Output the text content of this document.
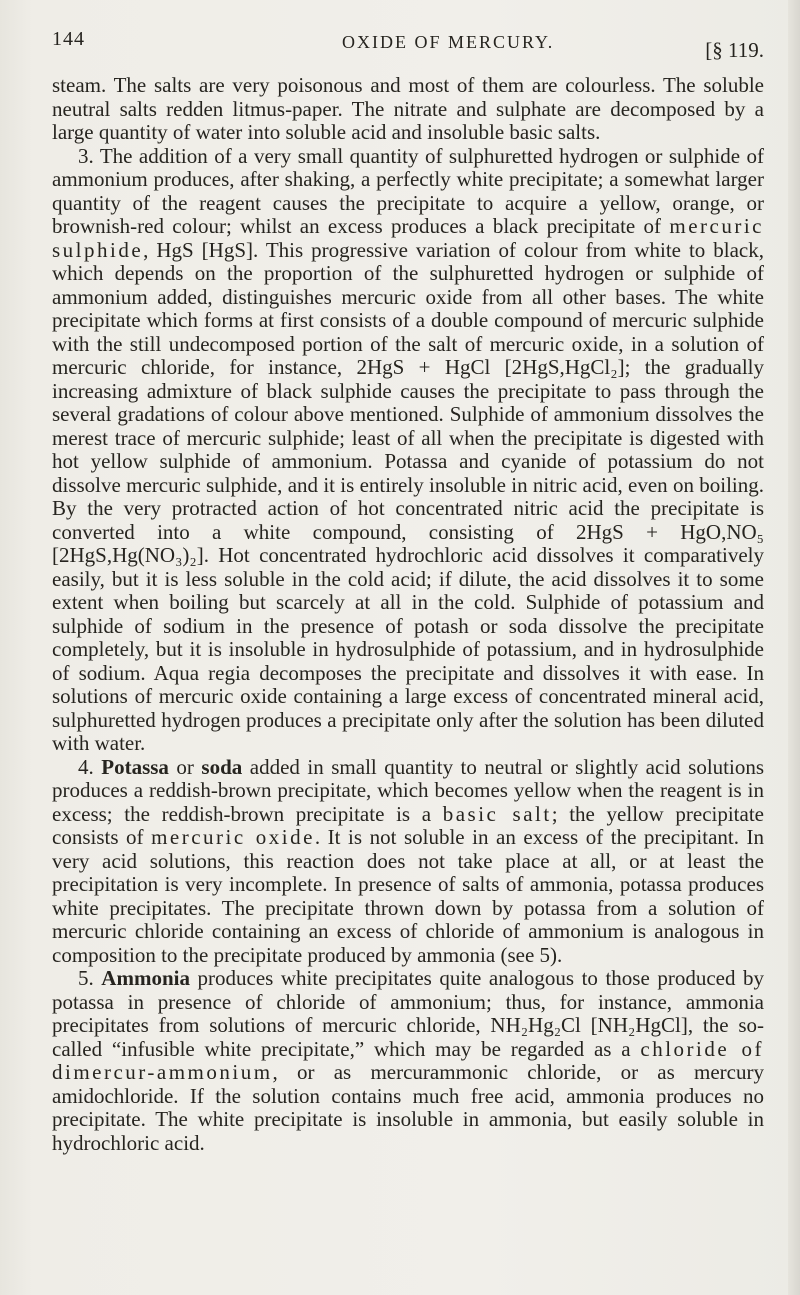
144	OXIDE OF MERCURY.	[§ 119.

steam. The salts are very poisonous and most of them are colourless. The soluble neutral salts redden litmus-paper. The nitrate and sulphate are decomposed by a large quantity of water into soluble acid and insoluble basic salts.

3. The addition of a very small quantity of sulphuretted hydrogen or sulphide of ammonium produces, after shaking, a perfectly white precipitate; a somewhat larger quantity of the reagent causes the precipitate to acquire a yellow, orange, or brownish-red colour; whilst an excess produces a black precipitate of mercuric sulphide, HgS [HgS]. This progressive variation of colour from white to black, which depends on the proportion of the sulphuretted hydrogen or sulphide of ammonium added, distinguishes mercuric oxide from all other bases. The white precipitate which forms at first consists of a double compound of mercuric sulphide with the still undecomposed portion of the salt of mercuric oxide, in a solution of mercuric chloride, for instance, 2HgS + HgCl [2HgS,HgCl₂]; the gradually increasing admixture of black sulphide causes the precipitate to pass through the several gradations of colour above mentioned. Sulphide of ammonium dissolves the merest trace of mercuric sulphide; least of all when the precipitate is digested with hot yellow sulphide of ammonium. Potassa and cyanide of potassium do not dissolve mercuric sulphide, and it is entirely insoluble in nitric acid, even on boiling. By the very protracted action of hot concentrated nitric acid the precipitate is converted into a white compound, consisting of 2HgS + HgO,NO₅ [2HgS,Hg(NO₃)₂]. Hot concentrated hydrochloric acid dissolves it comparatively easily, but it is less soluble in the cold acid; if dilute, the acid dissolves it to some extent when boiling but scarcely at all in the cold. Sulphide of potassium and sulphide of sodium in the presence of potash or soda dissolve the precipitate completely, but it is insoluble in hydrosulphide of potassium, and in hydrosulphide of sodium. Aqua regia decomposes the precipitate and dissolves it with ease. In solutions of mercuric oxide containing a large excess of concentrated mineral acid, sulphuretted hydrogen produces a precipitate only after the solution has been diluted with water.

4. Potassa or soda added in small quantity to neutral or slightly acid solutions produces a reddish-brown precipitate, which becomes yellow when the reagent is in excess; the reddish-brown precipitate is a basic salt; the yellow precipitate consists of mercuric oxide. It is not soluble in an excess of the precipitant. In very acid solutions, this reaction does not take place at all, or at least the precipitation is very incomplete. In presence of salts of ammonia, potassa produces white precipitates. The precipitate thrown down by potassa from a solution of mercuric chloride containing an excess of chloride of ammonium is analogous in composition to the precipitate produced by ammonia (see 5).

5. Ammonia produces white precipitates quite analogous to those produced by potassa in presence of chloride of ammonium; thus, for instance, ammonia precipitates from solutions of mercuric chloride, NH₂Hg₂Cl [NH₂HgCl], the so-called “infusible white precipitate,” which may be regarded as a chloride of dimercur-ammonium, or as mercurammonic chloride, or as mercury amidochloride. If the solution contains much free acid, ammonia produces no precipitate. The white precipitate is insoluble in ammonia, but easily soluble in hydrochloric acid.
